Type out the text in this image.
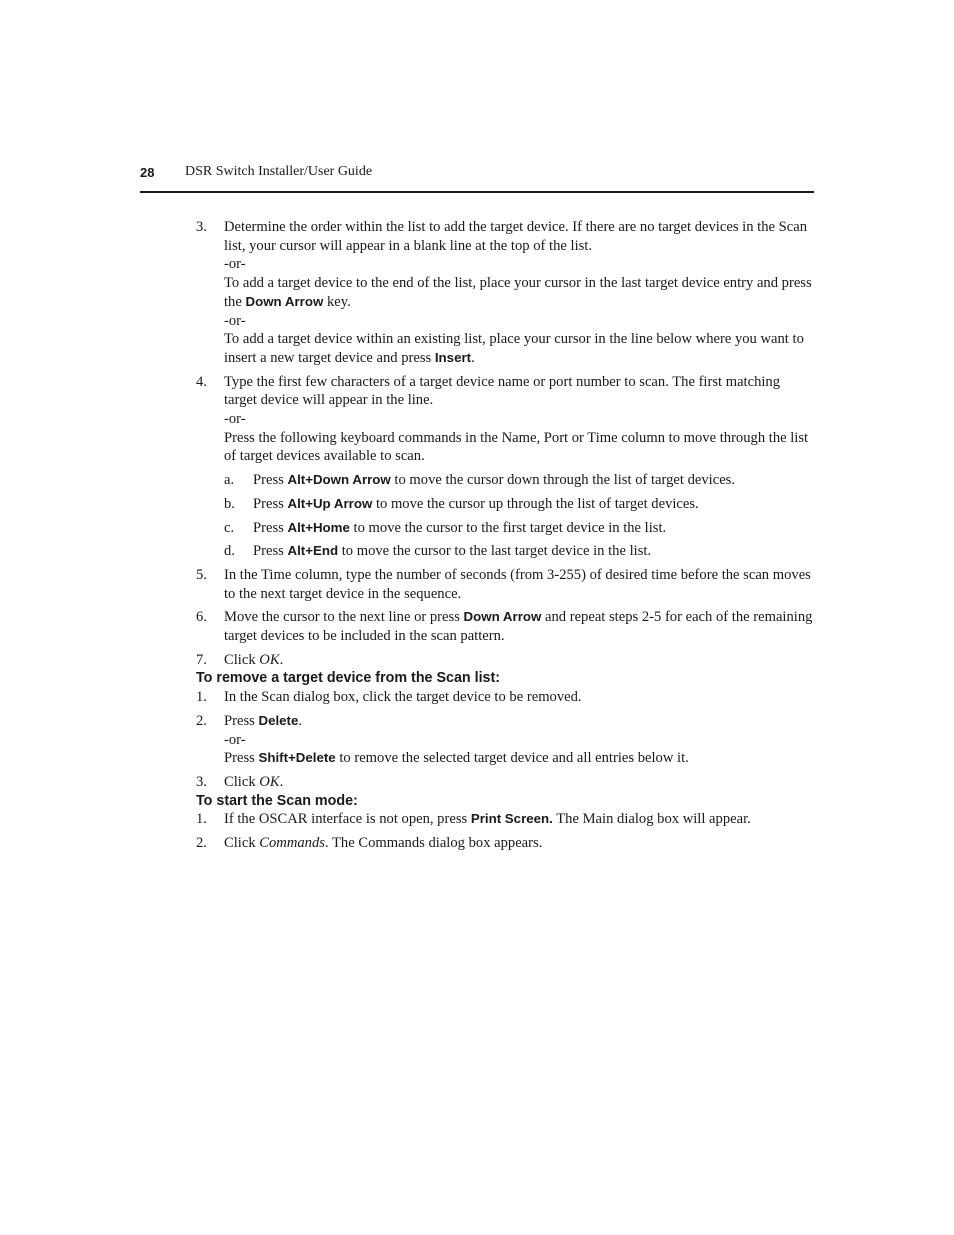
28 DSR Switch Installer/User Guide
3. Determine the order within the list to add the target device. If there are no target devices in the Scan list, your cursor will appear in a blank line at the top of the list.

-or-

To add a target device to the end of the list, place your cursor in the last target device entry and press the Down Arrow key.

-or-

To add a target device within an existing list, place your cursor in the line below where you want to insert a new target device and press Insert.

4. Type the first few characters of a target device name or port number to scan. The first matching target device will appear in the line.

-or-

Press the following keyboard commands in the Name, Port or Time column to move through the list of target devices available to scan.

a. Press Alt+Down Arrow to move the cursor down through the list of target devices.
b. Press Alt+Up Arrow to move the cursor up through the list of target devices.
c. Press Alt+Home to move the cursor to the first target device in the list.
d. Press Alt+End to move the cursor to the last target device in the list.
5. In the Time column, type the number of seconds (from 3-255) of desired time before the scan moves to the next target device in the sequence.

6. Move the cursor to the next line or press Down Arrow and repeat steps 2-5 for each of the remaining target devices to be included in the scan pattern.

7. Click OK.

To remove a target device from the Scan list:

1. In the Scan dialog box, click the target device to be removed.

2. Press Delete.

-or-

Press Shift+Delete to remove the selected target device and all entries below it.

3. Click OK.

To start the Scan mode:

1. If the OSCAR interface is not open, press Print Screen. The Main dialog box will appear.

2. Click Commands. The Commands dialog box appears.
